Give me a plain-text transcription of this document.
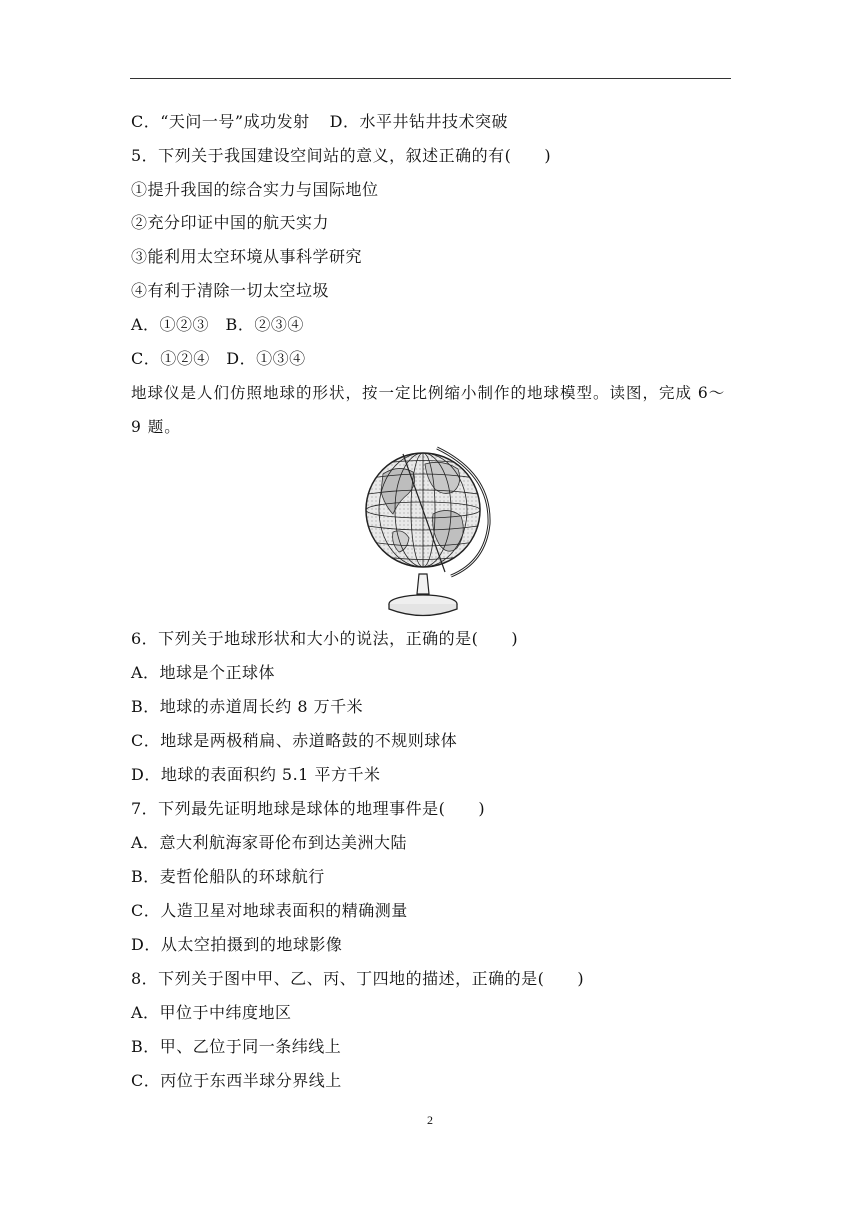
C．“天问一号”成功发射 D．水平井钻井技术突破
5．下列关于我国建设空间站的意义，叙述正确的有(　　)
①提升我国的综合实力与国际地位
②充分印证中国的航天实力
③能利用太空环境从事科学研究
④有利于清除一切太空垃圾
A．①②③　B．②③④
C．①②④　D．①③④
地球仪是人们仿照地球的形状，按一定比例缩小制作的地球模型。读图，完成 6～
9 题。
6．下列关于地球形状和大小的说法，正确的是(　　)
A．地球是个正球体
B．地球的赤道周长约 8 万千米
C．地球是两极稍扁、赤道略鼓的不规则球体
D．地球的表面积约 5.1 平方千米
7．下列最先证明地球是球体的地理事件是(　　)
A．意大利航海家哥伦布到达美洲大陆
B．麦哲伦船队的环球航行
C．人造卫星对地球表面积的精确测量
D．从太空拍摄到的地球影像
8．下列关于图中甲、乙、丙、丁四地的描述，正确的是(　　)
A．甲位于中纬度地区
B．甲、乙位于同一条纬线上
C．丙位于东西半球分界线上
2
